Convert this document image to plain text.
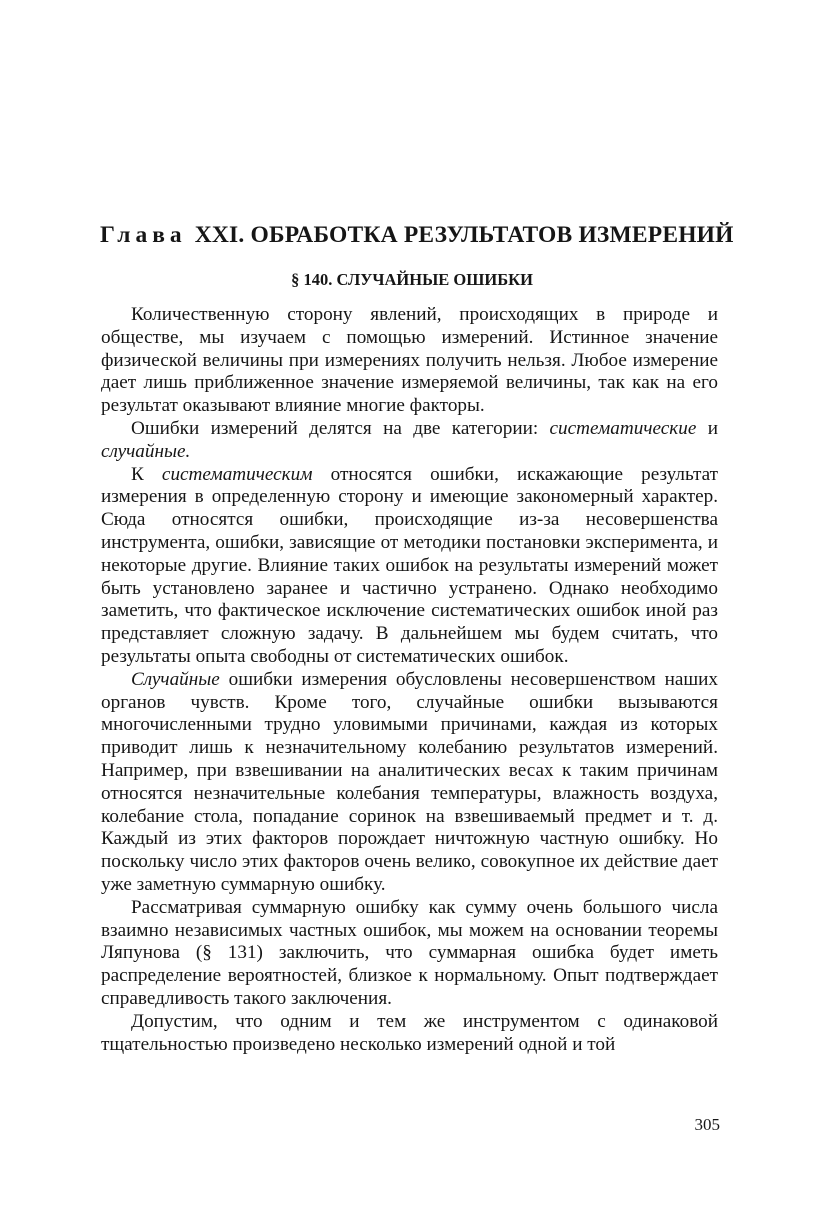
Глава XXI. ОБРАБОТКА РЕЗУЛЬТАТОВ ИЗМЕРЕНИЙ
§ 140. СЛУЧАЙНЫЕ ОШИБКИ

Количественную сторону явлений, происходящих в природе и обществе, мы изучаем с помощью измерений. Истинное значение физической величины при измерениях получить нельзя. Любое измерение дает лишь приближенное значение измеряемой величины, так как на его результат оказывают влияние многие факторы.

Ошибки измерений делятся на две категории: систематические и случайные.

К систематическим относятся ошибки, искажающие результат измерения в определенную сторону и имеющие закономерный характер. Сюда относятся ошибки, происходящие из-за несовершенства инструмента, ошибки, зависящие от методики постановки эксперимента, и некоторые другие. Влияние таких ошибок на результаты измерений может быть установлено заранее и частично устранено. Однако необходимо заметить, что фактическое исключение систематических ошибок иной раз представляет сложную задачу. В дальнейшем мы будем считать, что результаты опыта свободны от систематических ошибок.

Случайные ошибки измерения обусловлены несовершенством наших органов чувств. Кроме того, случайные ошибки вызываются многочисленными трудно уловимыми причинами, каждая из которых приводит лишь к незначительному колебанию результатов измерений. Например, при взвешивании на аналитических весах к таким причинам относятся незначительные колебания температуры, влажность воздуха, колебание стола, попадание соринок на взвешиваемый предмет и т. д. Каждый из этих факторов порождает ничтожную частную ошибку. Но поскольку число этих факторов очень велико, совокупное их действие дает уже заметную суммарную ошибку.

Рассматривая суммарную ошибку как сумму очень большого числа взаимно независимых частных ошибок, мы можем на основании теоремы Ляпунова (§ 131) заключить, что суммарная ошибка будет иметь распределение вероятностей, близкое к нормальному. Опыт подтверждает справедливость такого заключения.

Допустим, что одним и тем же инструментом с одинаковой тщательностью произведено несколько измерений одной и той

305
